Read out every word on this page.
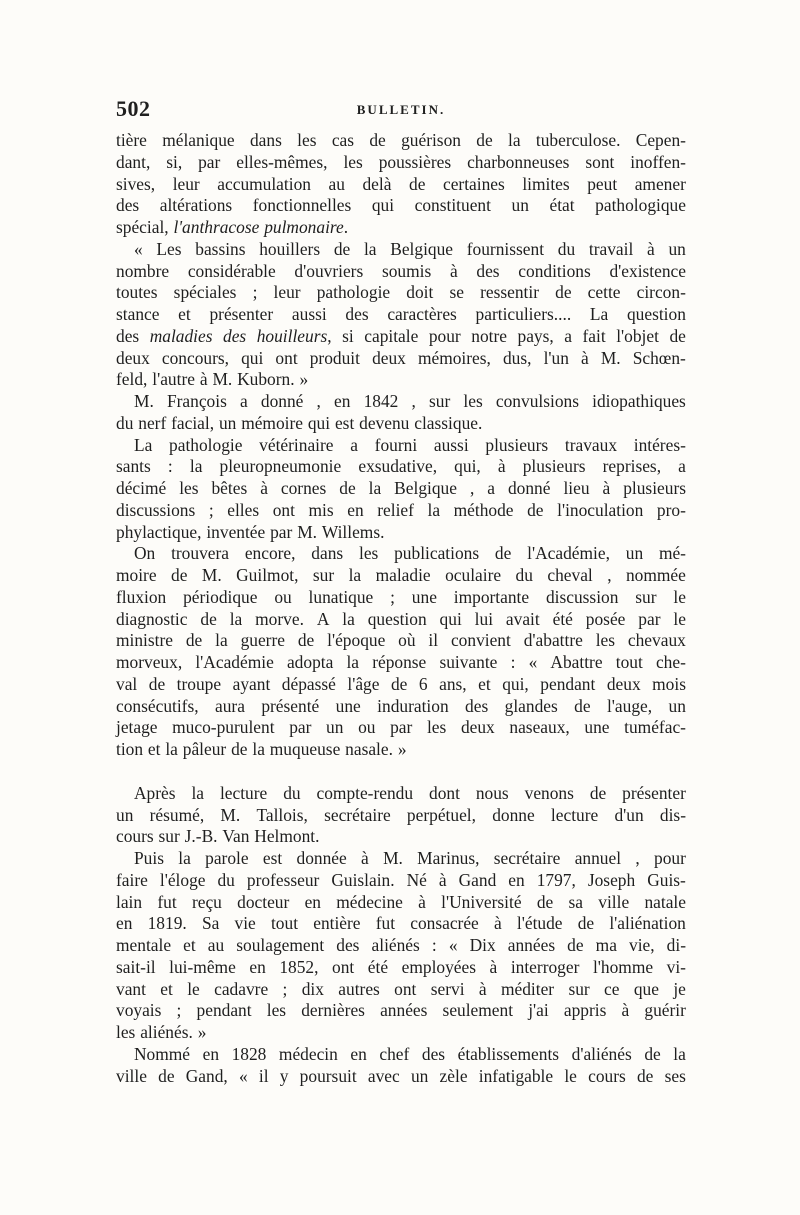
502	BULLETIN.
tière mélanique dans les cas de guérison de la tuberculose. Cepen-
dant, si, par elles-mêmes, les poussières charbonneuses sont inoffen-
sives, leur accumulation au delà de certaines limites peut amener
des altérations fonctionnelles qui constituent un état pathologique
spécial, l'anthracose pulmonaire.
« Les bassins houillers de la Belgique fournissent du travail à un
nombre considérable d'ouvriers soumis à des conditions d'existence
toutes spéciales ; leur pathologie doit se ressentir de cette circon-
stance et présenter aussi des caractères particuliers.... La question
des maladies des houilleurs, si capitale pour notre pays, a fait l'objet de
deux concours, qui ont produit deux mémoires, dus, l'un à M. Schœn-
feld, l'autre à M. Kuborn. »
M. François a donné , en 1842 , sur les convulsions idiopathiques
du nerf facial, un mémoire qui est devenu classique.
La pathologie vétérinaire a fourni aussi plusieurs travaux intéres-
sants : la pleuropneumonie exsudative, qui, à plusieurs reprises, a
décimé les bêtes à cornes de la Belgique , a donné lieu à plusieurs
discussions ; elles ont mis en relief la méthode de l'inoculation pro-
phylactique, inventée par M. Willems.
On trouvera encore, dans les publications de l'Académie, un mé-
moire de M. Guilmot, sur la maladie oculaire du cheval , nommée
fluxion périodique ou lunatique ; une importante discussion sur le
diagnostic de la morve. A la question qui lui avait été posée par le
ministre de la guerre de l'époque où il convient d'abattre les chevaux
morveux, l'Académie adopta la réponse suivante : « Abattre tout che-
val de troupe ayant dépassé l'âge de 6 ans, et qui, pendant deux mois
consécutifs, aura présenté une induration des glandes de l'auge, un
jetage muco-purulent par un ou par les deux naseaux, une tuméfac-
tion et la pâleur de la muqueuse nasale. »
Après la lecture du compte-rendu dont nous venons de présenter
un résumé, M. Tallois, secrétaire perpétuel, donne lecture d'un dis-
cours sur J.-B. Van Helmont.
Puis la parole est donnée à M. Marinus, secrétaire annuel , pour
faire l'éloge du professeur Guislain. Né à Gand en 1797, Joseph Guis-
lain fut reçu docteur en médecine à l'Université de sa ville natale
en 1819. Sa vie tout entière fut consacrée à l'étude de l'aliénation
mentale et au soulagement des aliénés : « Dix années de ma vie, di-
sait-il lui-même en 1852, ont été employées à interroger l'homme vi-
vant et le cadavre ; dix autres ont servi à méditer sur ce que je
voyais ; pendant les dernières années seulement j'ai appris à guérir
les aliénés. »
Nommé en 1828 médecin en chef des établissements d'aliénés de la
ville de Gand, « il y poursuit avec un zèle infatigable le cours de ses
